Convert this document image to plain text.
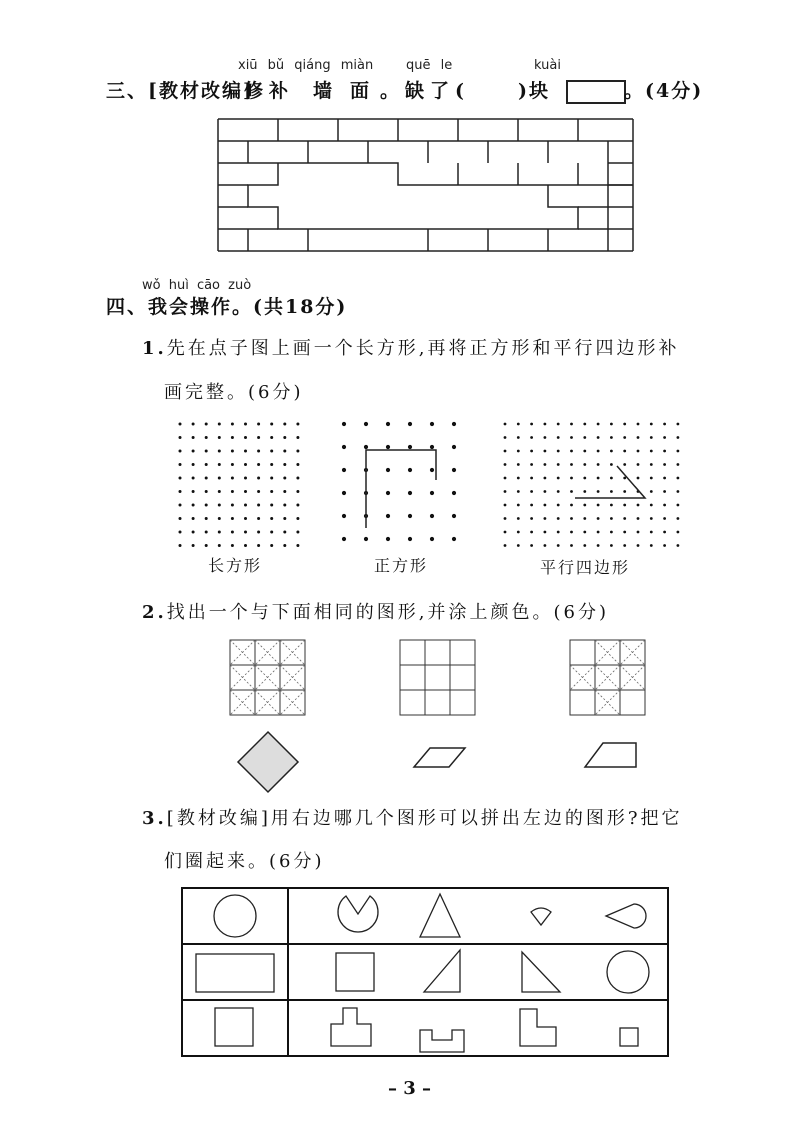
xiū bǔ qiáng miàn	quē le	kuài
三、[教材改编]
修补 墙面
。缺了(	)块	。(4分)
wǒ huì cāo zuò
四、我会操作。(共18分)
1.先在点子图上画一个长方形,再将正方形和平行四边形补
画完整。(6分)
长方形	正方形	平行四边形
2.找出一个与下面相同的图形,并涂上颜色。(6分)
3.[教材改编]用右边哪几个图形可以拼出左边的图形?把它
们圈起来。(6分)
– 3 –
